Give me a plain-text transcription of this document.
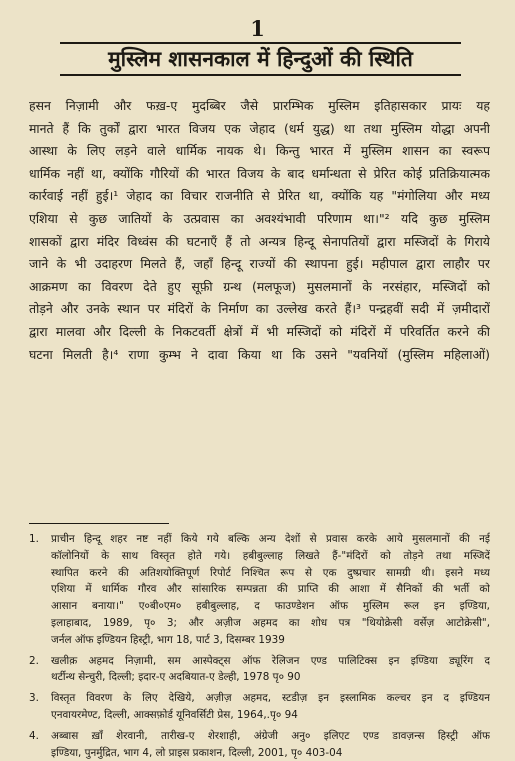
1
मुस्लिम शासनकाल में हिन्दुओं की स्थिति
हसन निज़ामी और फख़-ए मुदब्बिर जैसे प्रारम्भिक मुस्लिम इतिहासकार प्रायः यह
मानते हैं कि तुर्कों द्वारा भारत विजय एक जेहाद (धर्म युद्ध) था तथा मुस्लिम योद्धा अपनी
आस्था के लिए लड़ने वाले धार्मिक नायक थे। किन्तु भारत में मुस्लिम शासन का स्वरूप
धार्मिक नहीं था, क्योंकि गौरियों की भारत विजय के बाद धर्मान्धता से प्रेरित कोई प्रतिक्रियात्मक
कार्रवाई नहीं हुई।¹ जेहाद का विचार राजनीति से प्रेरित था, क्योंकि यह "मंगोलिया और मध्य
एशिया से कुछ जातियों के उत्प्रवास का अवश्यंभावी परिणाम था।"² यदि कुछ मुस्लिम
शासकों द्वारा मंदिर विध्वंस की घटनाएँ हैं तो अन्यत्र हिन्दू सेनापतियों द्वारा मस्जिदों के गिराये
जाने के भी उदाहरण मिलते हैं, जहाँ हिन्दू राज्यों की स्थापना हुई। महीपाल द्वारा लाहौर पर
आक्रमण का विवरण देते हुए सूफ़ी ग्रन्थ (मलफूज) मुसलमानों के नरसंहार, मस्जिदों को
तोड़ने और उनके स्थान पर मंदिरों के निर्माण का उल्लेख करते हैं।³ पन्द्रहवीं सदी में ज़मीदारों
द्वारा मालवा और दिल्ली के निकटवर्ती क्षेत्रों में भी मस्जिदों को मंदिरों में परिवर्तित करने की
घटना मिलती है।⁴ राणा कुम्भ ने दावा किया था कि उसने "यवनियों (मुस्लिम महिलाओं)
1.	प्राचीन हिन्दू शहर नष्ट नहीं किये गये बल्कि अन्य देशों से प्रवास करके आये मुसलमानों की नई
कॉलोनियों के साथ विस्तृत होते गये। हबीबुल्लाह लिखते हैं-"मंदिरों को तोड़ने तथा मस्जिदें
स्थापित करने की अतिशयोक्तिपूर्ण रिपोर्ट निश्चित रूप से एक दुष्प्रचार सामग्री थी। इसने मध्य
एशिया में धार्मिक गौरव और सांसारिक सम्पन्नता की प्राप्ति की आशा में सैनिकों की भर्ती को
आसान बनाया।" ए०बी०एम० हबीबुल्लाह, द फाउण्डेशन ऑफ मुस्लिम रूल इन इण्डिया,
इलाहाबाद, 1989, पृ० 3; और अज़ीज अहमद का शोध पत्र "थियोक्रेसी वर्सेज़ आटोक्रेसी",
जर्नल ऑफ इण्डियन हिस्ट्री, भाग 18, पार्ट 3, दिसम्बर 1939
2.	खलीक़ अहमद निज़ामी, सम आस्पेक्ट्स ऑफ रेलिजन एण्ड पालिटिक्स इन इण्डिया ड्यूरिंग द
थर्टीन्थ सेन्चुरी, दिल्ली; इदार-ए अदबियात-ए डेल्ही, 1978 पृ० 90
3.	विस्तृत विवरण के लिए देखिये, अज़ीज़ अहमद, स्टडीज़ इन इस्लामिक कल्चर इन द इण्डियन
एनवायरमेण्ट, दिल्ली, आक्सफ़ोर्ड यूनिवर्सिटी प्रेस, 1964,.पृ० 94
4.	अब्बास ख़ाँ शेरवानी, तारीख-ए शेरशाही, अंग्रेजी अनु० इलिएट एण्ड डावज़न्स हिस्ट्री ऑफ
इण्डिया, पुनर्मुद्रित, भाग 4, लो प्राइस प्रकाशन, दिल्ली, 2001, पृ० 403-04
